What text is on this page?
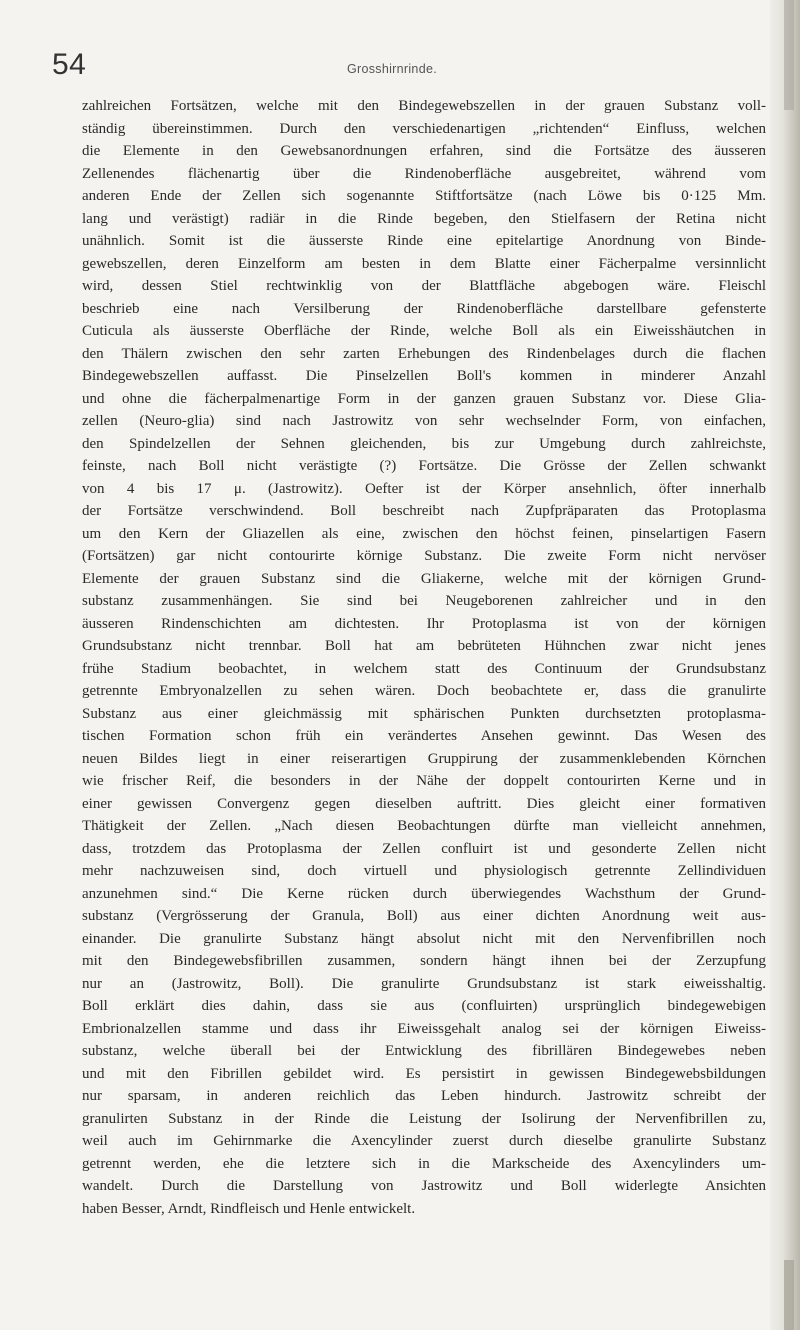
54	Grosshirnrinde.
zahlreichen Fortsätzen, welche mit den Bindegewebszellen in der grauen Substanz voll-
ständig übereinstimmen. Durch den verschiedenartigen „richtenden“ Einfluss, welchen
die Elemente in den Gewebsanordnungen erfahren, sind die Fortsätze des äusseren
Zellenendes flächenartig über die Rindenoberfläche ausgebreitet, während vom
anderen Ende der Zellen sich sogenannte Stiftfortsätze (nach Löwe bis 0·125 Mm.
lang und verästigt) radiär in die Rinde begeben, den Stielfasern der Retina nicht
unähnlich. Somit ist die äusserste Rinde eine epitelartige Anordnung von Binde-
gewebszellen, deren Einzelform am besten in dem Blatte einer Fächerpalme versinnlicht
wird, dessen Stiel rechtwinklig von der Blattfläche abgebogen wäre. Fleischl
beschrieb eine nach Versilberung der Rindenoberfläche darstellbare gefensterte
Cuticula als äusserste Oberfläche der Rinde, welche Boll als ein Eiweisshäutchen in
den Thälern zwischen den sehr zarten Erhebungen des Rindenbelages durch die flachen
Bindegewebszellen auffasst. Die Pinselzellen Boll's kommen in minderer Anzahl
und ohne die fächerpalmenartige Form in der ganzen grauen Substanz vor. Diese Glia-
zellen (Neuro-glia) sind nach Jastrowitz von sehr wechselnder Form, von einfachen,
den Spindelzellen der Sehnen gleichenden, bis zur Umgebung durch zahlreichste,
feinste, nach Boll nicht verästigte (?) Fortsätze. Die Grösse der Zellen schwankt
von 4 bis 17 μ. (Jastrowitz). Oefter ist der Körper ansehnlich, öfter innerhalb
der Fortsätze verschwindend. Boll beschreibt nach Zupfpräparaten das Protoplasma
um den Kern der Gliazellen als eine, zwischen den höchst feinen, pinselartigen Fasern
(Fortsätzen) gar nicht contourirte körnige Substanz. Die zweite Form nicht nervöser
Elemente der grauen Substanz sind die Gliakerne, welche mit der körnigen Grund-
substanz zusammenhängen. Sie sind bei Neugeborenen zahlreicher und in den
äusseren Rindenschichten am dichtesten. Ihr Protoplasma ist von der körnigen
Grundsubstanz nicht trennbar. Boll hat am bebrüteten Hühnchen zwar nicht jenes
frühe Stadium beobachtet, in welchem statt des Continuum der Grundsubstanz
getrennte Embryonalzellen zu sehen wären. Doch beobachtete er, dass die granulirte
Substanz aus einer gleichmässig mit sphärischen Punkten durchsetzten protoplasma-
tischen Formation schon früh ein verändertes Ansehen gewinnt. Das Wesen des
neuen Bildes liegt in einer reiserartigen Gruppirung der zusammenklebenden Körnchen
wie frischer Reif, die besonders in der Nähe der doppelt contourirten Kerne und in
einer gewissen Convergenz gegen dieselben auftritt. Dies gleicht einer formativen
Thätigkeit der Zellen. „Nach diesen Beobachtungen dürfte man vielleicht annehmen,
dass, trotzdem das Protoplasma der Zellen confluirt ist und gesonderte Zellen nicht
mehr nachzuweisen sind, doch virtuell und physiologisch getrennte Zellindividuen
anzunehmen sind.“ Die Kerne rücken durch überwiegendes Wachsthum der Grund-
substanz (Vergrösserung der Granula, Boll) aus einer dichten Anordnung weit aus-
einander. Die granulirte Substanz hängt absolut nicht mit den Nervenfibrillen noch
mit den Bindegewebsfibrillen zusammen, sondern hängt ihnen bei der Zerzupfung
nur an (Jastrowitz, Boll). Die granulirte Grundsubstanz ist stark eiweisshaltig.
Boll erklärt dies dahin, dass sie aus (confluirten) ursprünglich bindegewebigen
Embrionalzellen stamme und dass ihr Eiweissgehalt analog sei der körnigen Eiweiss-
substanz, welche überall bei der Entwicklung des fibrillären Bindegewebes neben
und mit den Fibrillen gebildet wird. Es persistirt in gewissen Bindegewebsbildungen
nur sparsam, in anderen reichlich das Leben hindurch. Jastrowitz schreibt der
granulirten Substanz in der Rinde die Leistung der Isolirung der Nervenfibrillen zu,
weil auch im Gehirnmarke die Axencylinder zuerst durch dieselbe granulirte Substanz
getrennt werden, ehe die letztere sich in die Markscheide des Axencylinders um-
wandelt. Durch die Darstellung von Jastrowitz und Boll widerlegte Ansichten
haben Besser, Arndt, Rindfleisch und Henle entwickelt.
